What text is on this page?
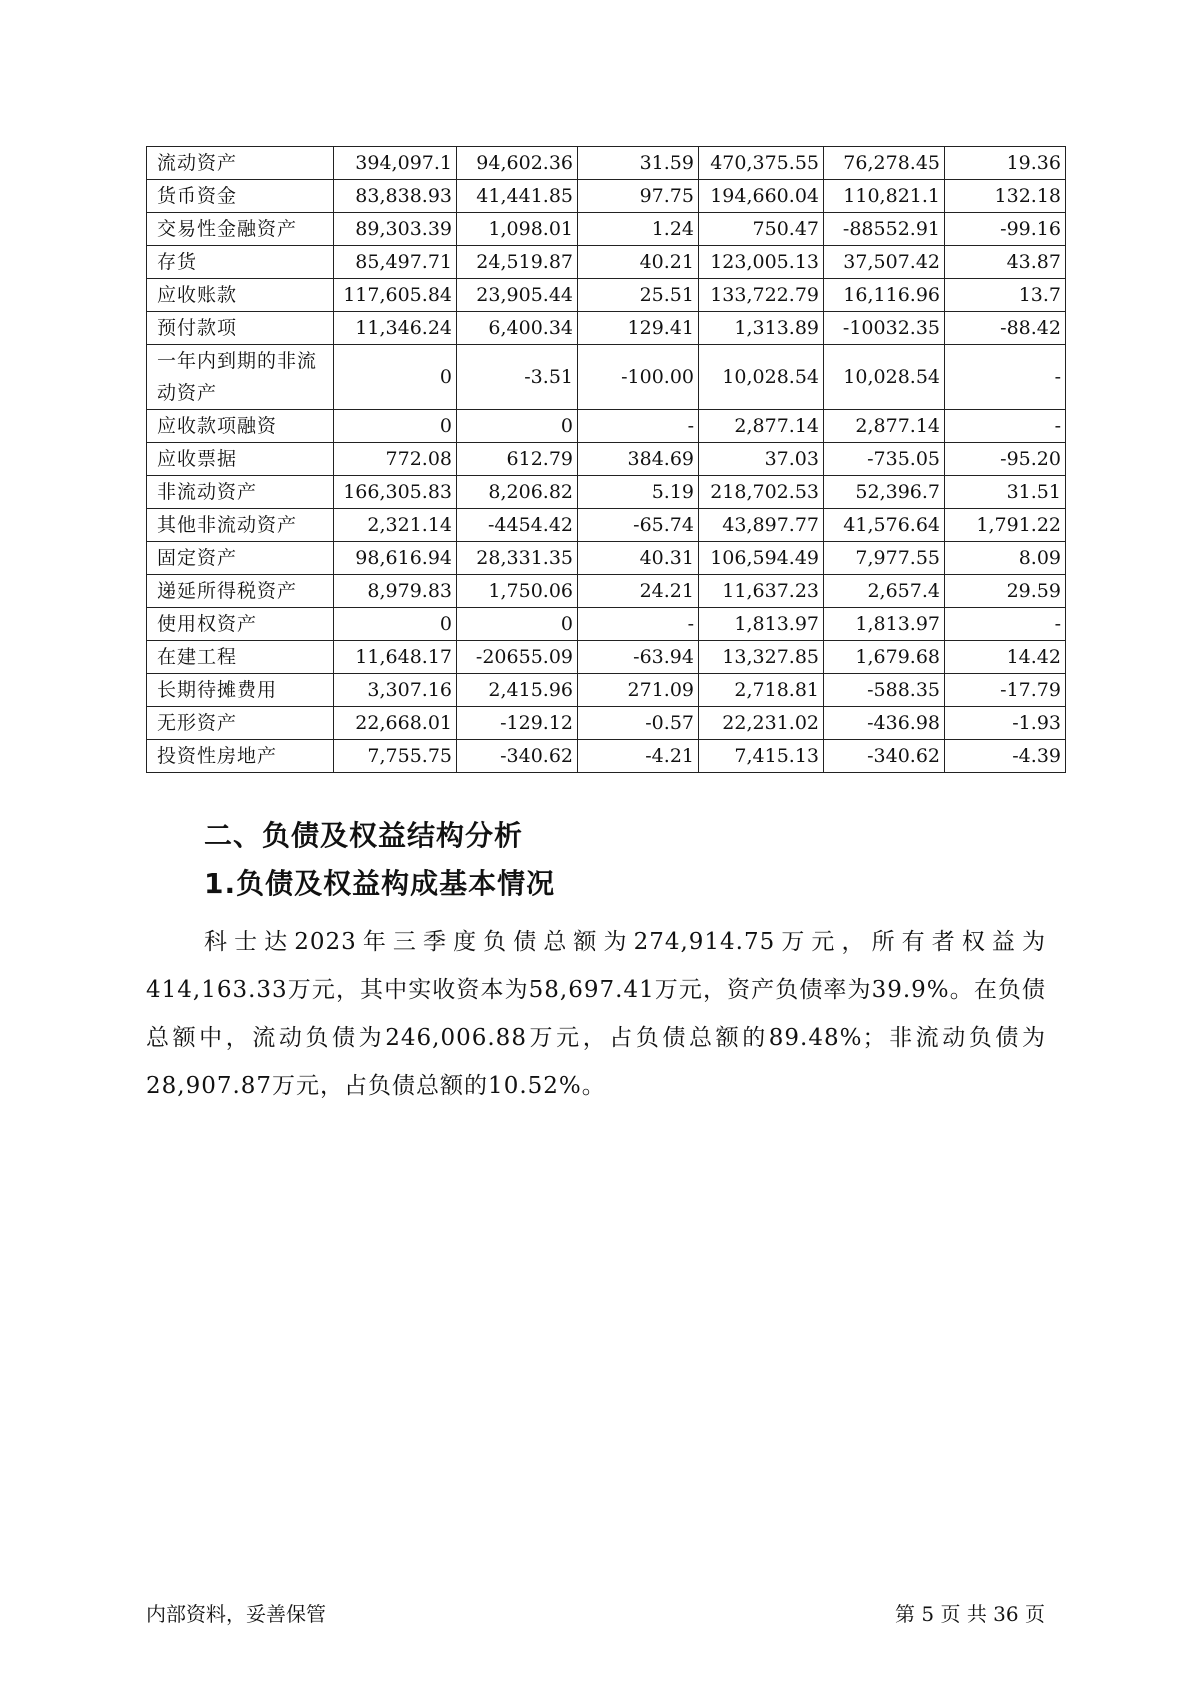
流动资产	394,097.1	94,602.36	31.59	470,375.55	76,278.45	19.36
货币资金	83,838.93	41,441.85	97.75	194,660.04	110,821.1	132.18
交易性金融资产	89,303.39	1,098.01	1.24	750.47	-88552.91	-99.16
存货	85,497.71	24,519.87	40.21	123,005.13	37,507.42	43.87
应收账款	117,605.84	23,905.44	25.51	133,722.79	16,116.96	13.7
预付款项	11,346.24	6,400.34	129.41	1,313.89	-10032.35	-88.42
一年内到期的非流动资产	0	-3.51	-100.00	10,028.54	10,028.54	-
应收款项融资	0	0	-	2,877.14	2,877.14	-
应收票据	772.08	612.79	384.69	37.03	-735.05	-95.20
非流动资产	166,305.83	8,206.82	5.19	218,702.53	52,396.7	31.51
其他非流动资产	2,321.14	-4454.42	-65.74	43,897.77	41,576.64	1,791.22
固定资产	98,616.94	28,331.35	40.31	106,594.49	7,977.55	8.09
递延所得税资产	8,979.83	1,750.06	24.21	11,637.23	2,657.4	29.59
使用权资产	0	0	-	1,813.97	1,813.97	-
在建工程	11,648.17	-20655.09	-63.94	13,327.85	1,679.68	14.42
长期待摊费用	3,307.16	2,415.96	271.09	2,718.81	-588.35	-17.79
无形资产	22,668.01	-129.12	-0.57	22,231.02	-436.98	-1.93
投资性房地产	7,755.75	-340.62	-4.21	7,415.13	-340.62	-4.39
二、负债及权益结构分析
1.负债及权益构成基本情况
科士达2023年三季度负债总额为274,914.75万元，所有者权益为414,163.33万元，其中实收资本为58,697.41万元，资产负债率为39.9%。在负债总额中，流动负债为246,006.88万元，占负债总额的89.48%；非流动负债为28,907.87万元，占负债总额的10.52%。
内部资料，妥善保管	第 5 页 共 36 页
